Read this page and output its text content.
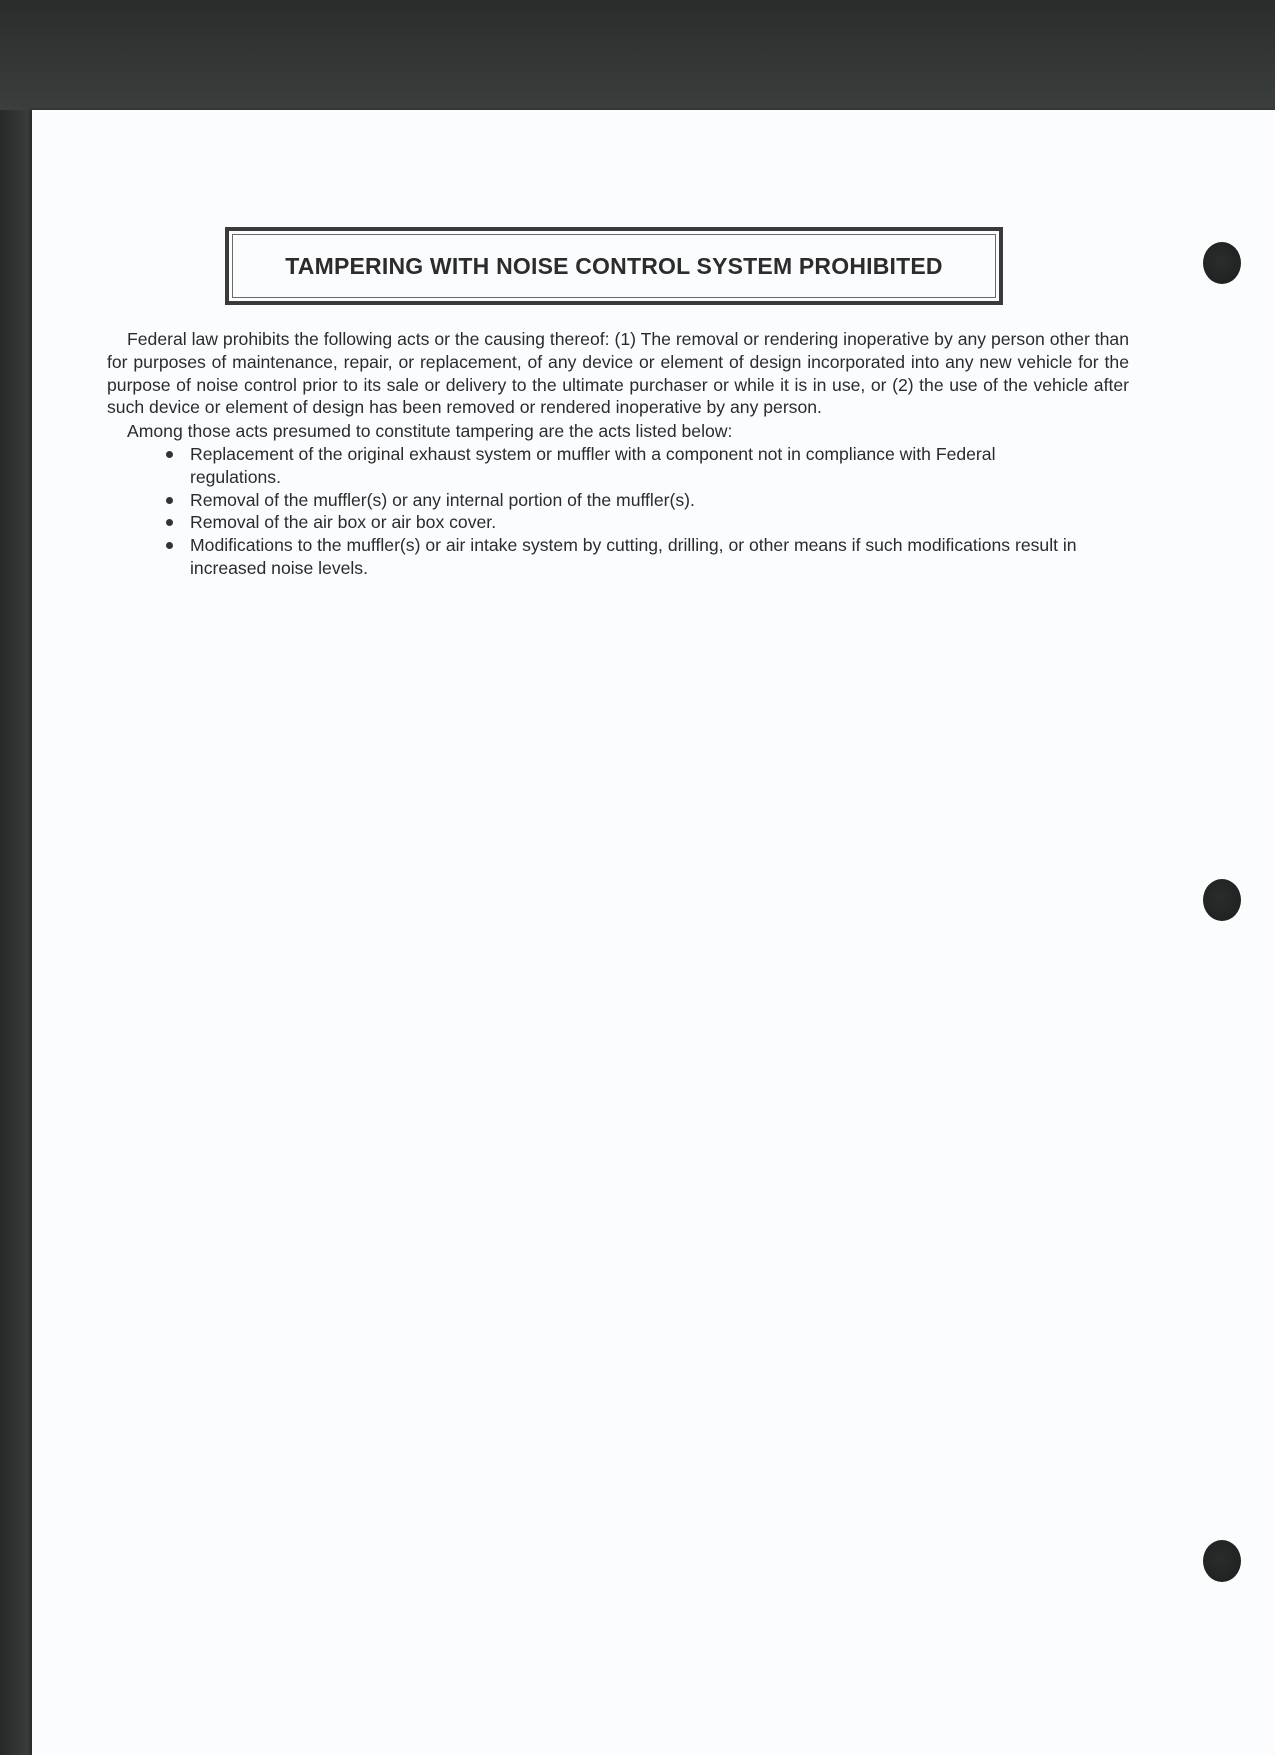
TAMPERING WITH NOISE CONTROL SYSTEM PROHIBITED

Federal law prohibits the following acts or the causing thereof: (1) The removal or rendering inoperative by any person other than for purposes of maintenance, repair, or replacement, of any device or element of design incorporated into any new vehicle for the purpose of noise control prior to its sale or delivery to the ultimate purchaser or while it is in use, or (2) the use of the vehicle after such device or element of design has been removed or rendered inoperative by any person.

Among those acts presumed to constitute tampering are the acts listed below:

Replacement of the original exhaust system or muffler with a component not in compliance with Federal regulations.
Removal of the muffler(s) or any internal portion of the muffler(s).
Removal of the air box or air box cover.
Modifications to the muffler(s) or air intake system by cutting, drilling, or other means if such modifications result in increased noise levels.
